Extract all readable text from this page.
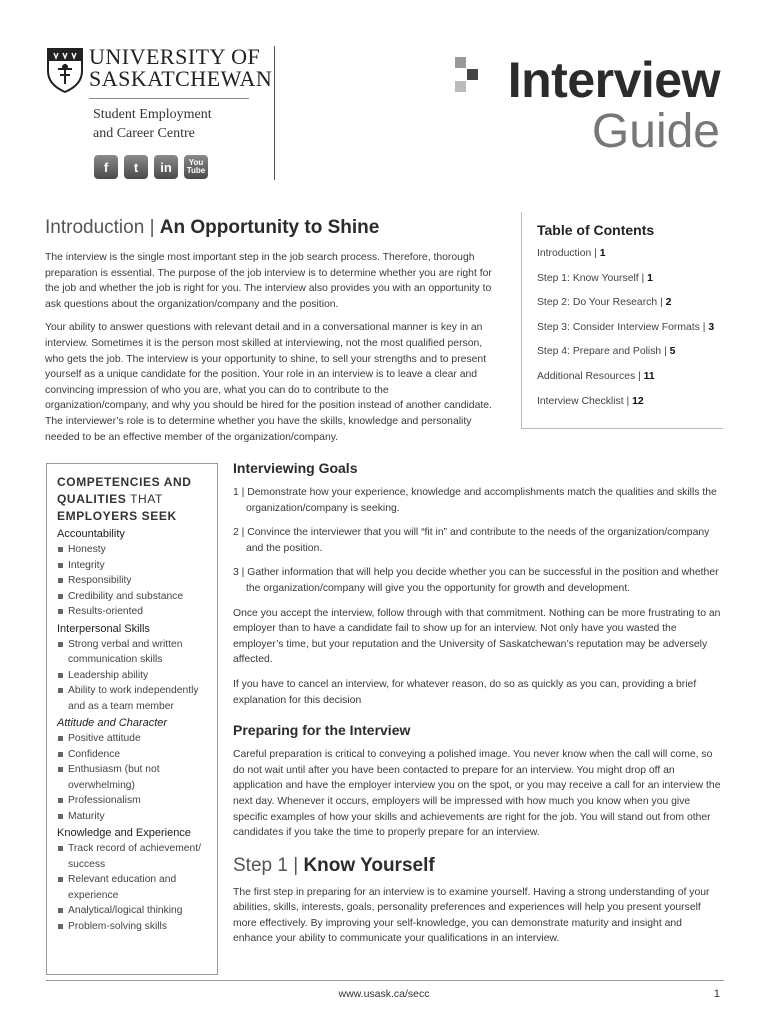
UNIVERSITY OF
SASKATCHEWAN
Student Employment
and Career Centre
f	t	in	You Tube
Interview
Guide
Introduction | An Opportunity to Shine

The interview is the single most important step in the job search process. Therefore, thorough preparation is essential. The purpose of the job interview is to determine whether you are right for the job and whether the job is right for you. The interview also provides you with an opportunity to ask questions about the organization/company and the position.

Your ability to answer questions with relevant detail and in a conversational manner is key in an interview. Sometimes it is the person most skilled at interviewing, not the most qualified person, who gets the job. The interview is your opportunity to shine, to sell your strengths and to present yourself as a unique candidate for the position. Your role in an interview is to leave a clear and convincing impression of who you are, what you can do to contribute to the organization/company, and why you should be hired for the position instead of another candidate. The interviewer’s role is to determine whether you have the skills, knowledge and personality needed to be an effective member of the organization/company.

Table of Contents
Introduction | 1
Step 1: Know Yourself | 1
Step 2: Do Your Research | 2
Step 3: Consider Interview Formats | 3
Step 4: Prepare and Polish | 5
Additional Resources | 11
Interview Checklist | 12
COMPETENCIES AND
QUALITIES THAT
EMPLOYERS SEEK
Accountability
Honesty
Integrity
Responsibility
Credibility and substance
Results-oriented
Interpersonal Skills
Strong verbal and written communication skills
Leadership ability
Ability to work independently and as a team member
Attitude and Character
Positive attitude
Confidence
Enthusiasm (but not overwhelming)
Professionalism
Maturity
Knowledge and Experience
Track record of achievement/ success
Relevant education and experience
Analytical/logical thinking
Problem-solving skills
Interviewing Goals
1 | Demonstrate how your experience, knowledge and accomplishments match the qualities and skills the organization/company is seeking.
2 | Convince the interviewer that you will “fit in” and contribute to the needs of the organization/company and the position.
3 | Gather information that will help you decide whether you can be successful in the position and whether the organization/company will give you the opportunity for growth and development.
Once you accept the interview, follow through with that commitment. Nothing can be more frustrating to an employer than to have a candidate fail to show up for an interview. Not only have you wasted the employer’s time, but your reputation and the University of Saskatchewan’s reputation may be adversely affected.
If you have to cancel an interview, for whatever reason, do so as quickly as you can, providing a brief explanation for this decision
Preparing for the Interview
Careful preparation is critical to conveying a polished image. You never know when the call will come, so do not wait until after you have been contacted to prepare for an interview. You might drop off an application and have the employer interview you on the spot, or you may receive a call for an interview the next day. Whenever it occurs, employers will be impressed with how much you know when you give specific examples of how your skills and achievements are right for the job. You will stand out from other candidates if you take the time to properly prepare for an interview.
Step 1 | Know Yourself
The first step in preparing for an interview is to examine yourself. Having a strong understanding of your abilities, skills, interests, goals, personality preferences and experiences will help you present yourself more effectively. By improving your self-knowledge, you can demonstrate maturity and insight and enhance your ability to communicate your qualifications in an interview.
www.usask.ca/secc	1
